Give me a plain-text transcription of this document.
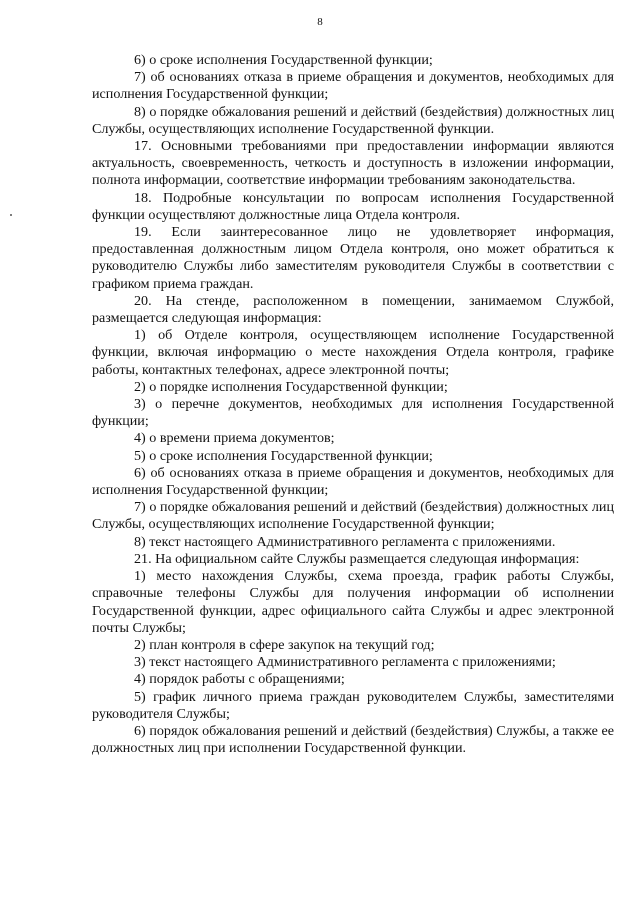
8

6) о сроке исполнения Государственной функции;

7) об основаниях отказа в приеме обращения и документов, необходимых для исполнения Государственной функции;

8) о порядке обжалования решений и действий (бездействия) должностных лиц Службы, осуществляющих исполнение Государственной функции.

17. Основными требованиями при предоставлении информации являются актуальность, своевременность, четкость и доступность в изложении информации, полнота информации, соответствие информации требованиям законодательства.

18. Подробные консультации по вопросам исполнения Государственной функции осуществляют должностные лица Отдела контроля.

19. Если заинтересованное лицо не удовлетворяет информация, предоставленная должностным лицом Отдела контроля, оно может обратиться к руководителю Службы либо заместителям руководителя Службы в соответствии с графиком приема граждан.

20. На стенде, расположенном в помещении, занимаемом Службой, размещается следующая информация:

1) об Отделе контроля, осуществляющем исполнение Государственной функции, включая информацию о месте нахождения Отдела контроля, графике работы, контактных телефонах, адресе электронной почты;

2) о порядке исполнения Государственной функции;

3) о перечне документов, необходимых для исполнения Государственной функции;

4) о времени приема документов;

5) о сроке исполнения Государственной функции;

6) об основаниях отказа в приеме обращения и документов, необходимых для исполнения Государственной функции;

7) о порядке обжалования решений и действий (бездействия) должностных лиц Службы, осуществляющих исполнение Государственной функции;

8) текст настоящего Административного регламента с приложениями.

21. На официальном сайте Службы размещается следующая информация:

1) место нахождения Службы, схема проезда, график работы Службы, справочные телефоны Службы для получения информации об исполнении Государственной функции, адрес официального сайта Службы и адрес электронной почты Службы;

2) план контроля в сфере закупок на текущий год;

3) текст настоящего Административного регламента с приложениями;

4) порядок работы с обращениями;

5) график личного приема граждан руководителем Службы, заместителями руководителя Службы;

6) порядок обжалования решений и действий (бездействия) Службы, а также ее должностных лиц при исполнении Государственной функции.
